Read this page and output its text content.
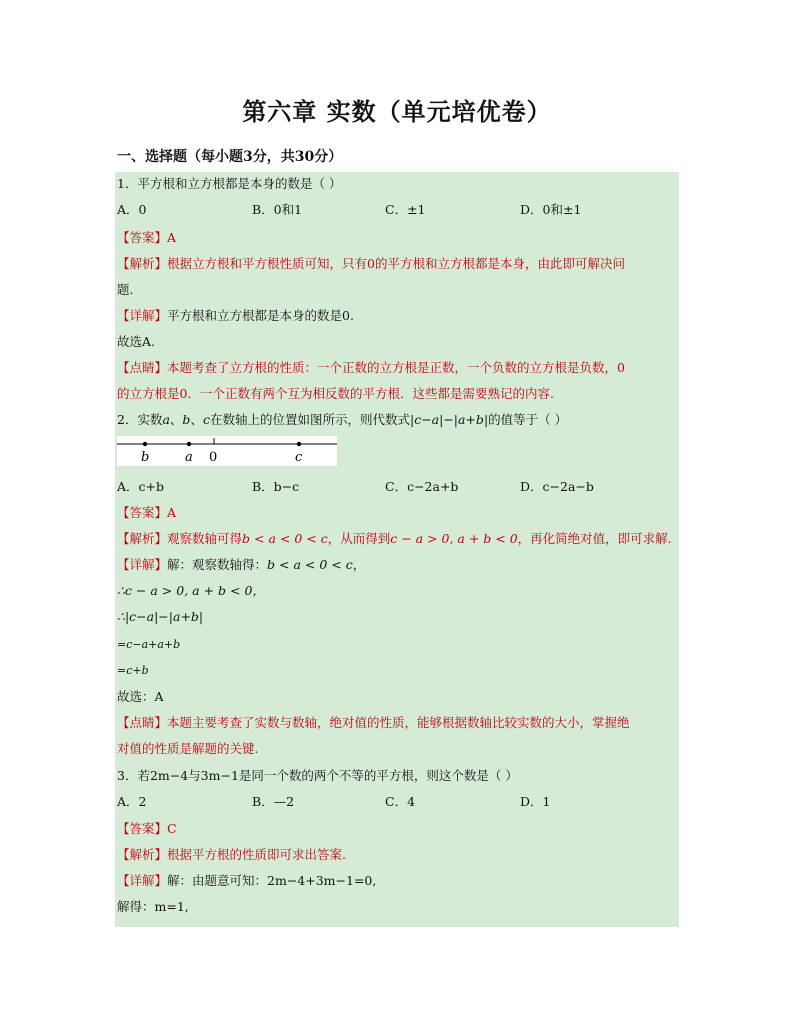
第六章 实数（单元培优卷）
一、选择题（每小题3分，共30分）
1．平方根和立方根都是本身的数是（ ）
A．0	B．0和1	C．±1	D．0和±1
【答案】A
【解析】根据立方根和平方根性质可知，只有0的平方根和立方根都是本身，由此即可解决问
题.
【详解】平方根和立方根都是本身的数是0.
故选A.
【点睛】本题考查了立方根的性质：一个正数的立方根是正数，一个负数的立方根是负数，0
的立方根是0．一个正数有两个互为相反数的平方根．这些都是需要熟记的内容.
2．实数a、b、c在数轴上的位置如图所示，则代数式|c−a|−|a+b|的值等于（ ）
b	a 0	c
A．c+b	B．b−c	C．c−2a+b	D．c−2a−b
【答案】A
【解析】观察数轴可得b < a < 0 < c，从而得到c − a > 0, a + b < 0，再化简绝对值，即可求解.
【详解】解：观察数轴得：b < a < 0 < c，
∴c − a > 0, a + b < 0，
∴|c−a|−|a+b|
=c−a+a+b
=c+b
故选：A
【点睛】本题主要考查了实数与数轴，绝对值的性质，能够根据数轴比较实数的大小，掌握绝
对值的性质是解题的关键.
3．若2m−4与3m−1是同一个数的两个不等的平方根，则这个数是（ ）
A．2	B．—2	C．4	D．1
【答案】C
【解析】根据平方根的性质即可求出答案.
【详解】解：由题意可知：2m−4+3m−1=0,
解得：m=1,
